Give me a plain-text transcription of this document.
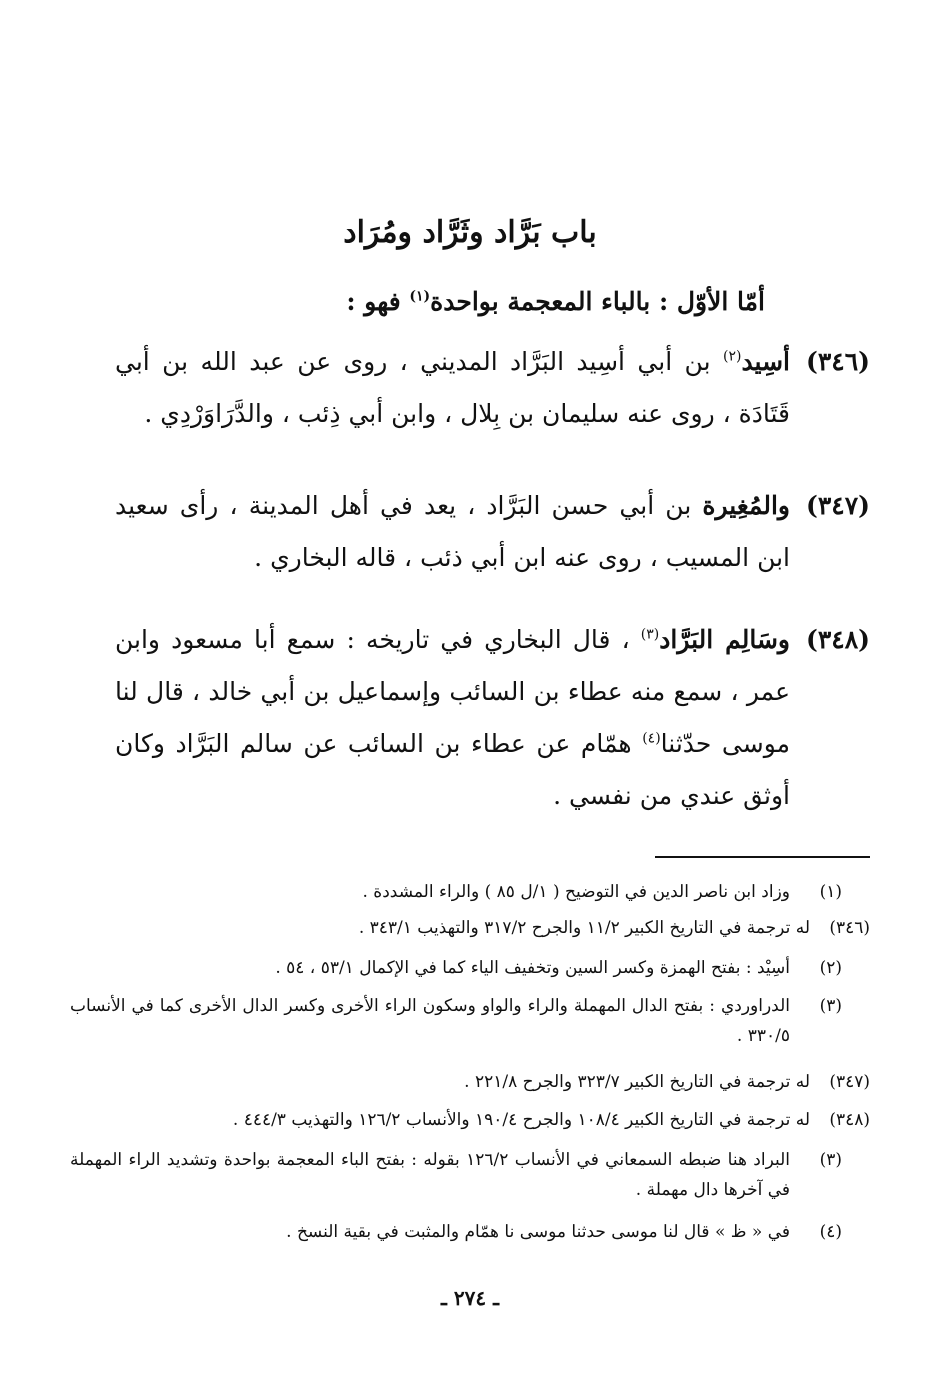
باب بَرَّاد وثَرَّاد ومُرَاد
أمّا الأوّل : بالباء المعجمة بواحدة$^{(١)}$ فهو :
(٣٤٦)
أسِيد$^{(٢)}$ بن أبي أسِيد البَرَّاد المديني ، روى عن عبد الله بن أبي قَتَادَة ، روى عنه سليمان بن بِلال ، وابن أبي ذِئب ، والدَّرَاوَرْدِي .
(٣٤٧)
والمُغِيرة بن أبي حسن البَرَّاد ، يعد في أهل المدينة ، رأى سعيد ابن المسيب ، روى عنه ابن أبي ذئب ، قاله البخاري .
(٣٤٨)
وسَالِم البَرَّاد$^{(٣)}$ ، قال البخاري في تاريخه : سمع أبا مسعود وابن عمر ، سمع منه عطاء بن السائب وإسماعيل بن أبي خالد ، قال لنا موسى حدّثنا$^{(٤)}$ همّام عن عطاء بن السائب عن سالم البَرَّاد وكان أوثق عندي من نفسي .
(١)
وزاد ابن ناصر الدين في التوضيح ( ١/ل ٨٥ ) والراء المشددة .
(٣٤٦)
له ترجمة في التاريخ الكبير ١١/٢ والجرح ٣١٧/٢ والتهذيب ٣٤٣/١ .
(٢)
أسِيْد : بفتح الهمزة وكسر السين وتخفيف الياء كما في الإكمال ٥٣/١ ، ٥٤ .
(٣)
الدراوردي : بفتح الدال المهملة والراء والواو وسكون الراء الأخرى وكسر الدال الأخرى كما في الأنساب ٣٣٠/٥ .
(٣٤٧)
له ترجمة في التاريخ الكبير ٣٢٣/٧ والجرح ٢٢١/٨ .
(٣٤٨)
له ترجمة في التاريخ الكبير ١٠٨/٤ والجرح ١٩٠/٤ والأنساب ١٢٦/٢ والتهذيب ٤٤٤/٣ .
(٣)
البراد هنا ضبطه السمعاني في الأنساب ١٢٦/٢ بقوله : بفتح الباء المعجمة بواحدة وتشديد الراء المهملة في آخرها دال مهملة .
(٤)
في « ظ » قال لنا موسى حدثنا موسى نا همّام والمثبت في بقية النسخ .
ـ ٢٧٤ ـ
